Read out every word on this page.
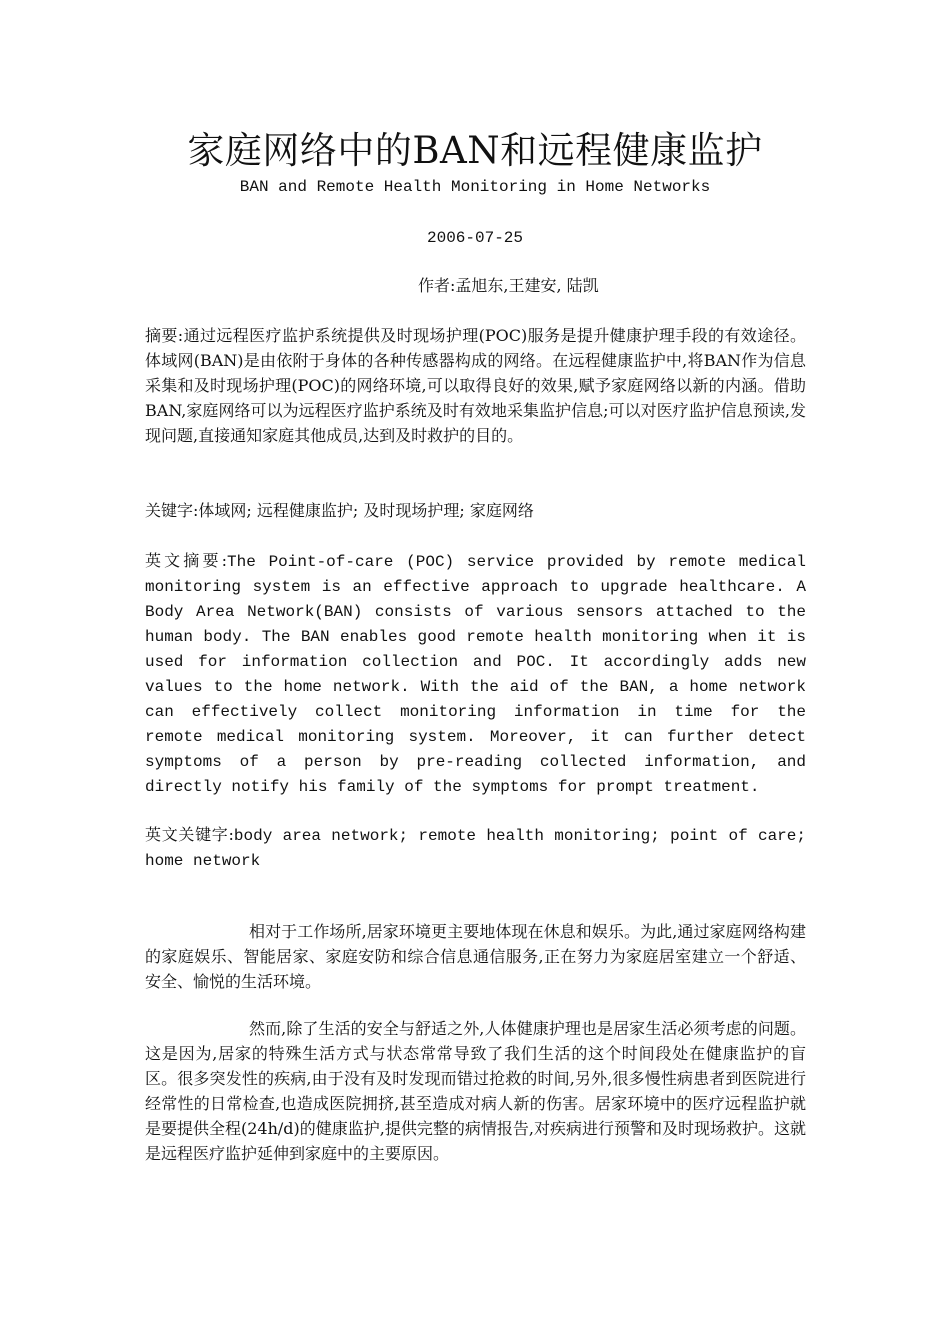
家庭网络中的BAN和远程健康监护
BAN and Remote Health Monitoring in Home Networks
2006-07-25
作者:孟旭东,王建安, 陆凯
摘要:通过远程医疗监护系统提供及时现场护理(POC)服务是提升健康护理手段的有效途径。体域网(BAN)是由依附于身体的各种传感器构成的网络。在远程健康监护中,将BAN作为信息采集和及时现场护理(POC)的网络环境,可以取得良好的效果,赋予家庭网络以新的内涵。借助BAN,家庭网络可以为远程医疗监护系统及时有效地采集监护信息;可以对医疗监护信息预读,发现问题,直接通知家庭其他成员,达到及时救护的目的。
关键字:体域网; 远程健康监护; 及时现场护理; 家庭网络
英文摘要:The Point-of-care (POC) service provided by remote medical monitoring system is an effective approach to upgrade healthcare. A Body Area Network(BAN) consists of various sensors attached to the human body. The BAN enables good remote health monitoring when it is used for information collection and POC. It accordingly adds new values to the home network. With the aid of the BAN, a home network can effectively collect monitoring information in time for the remote medical monitoring system. Moreover, it can further detect symptoms of a person by pre-reading collected information, and directly notify his family of the symptoms for prompt treatment.
英文关键字:body area network; remote health monitoring; point of care; home network
相对于工作场所,居家环境更主要地体现在休息和娱乐。为此,通过家庭网络构建的家庭娱乐、智能居家、家庭安防和综合信息通信服务,正在努力为家庭居室建立一个舒适、安全、愉悦的生活环境。
然而,除了生活的安全与舒适之外,人体健康护理也是居家生活必须考虑的问题。这是因为,居家的特殊生活方式与状态常常导致了我们生活的这个时间段处在健康监护的盲区。很多突发性的疾病,由于没有及时发现而错过抢救的时间,另外,很多慢性病患者到医院进行经常性的日常检查,也造成医院拥挤,甚至造成对病人新的伤害。居家环境中的医疗远程监护就是要提供全程(24h/d)的健康监护,提供完整的病情报告,对疾病进行预警和及时现场救护。这就是远程医疗监护延伸到家庭中的主要原因。
